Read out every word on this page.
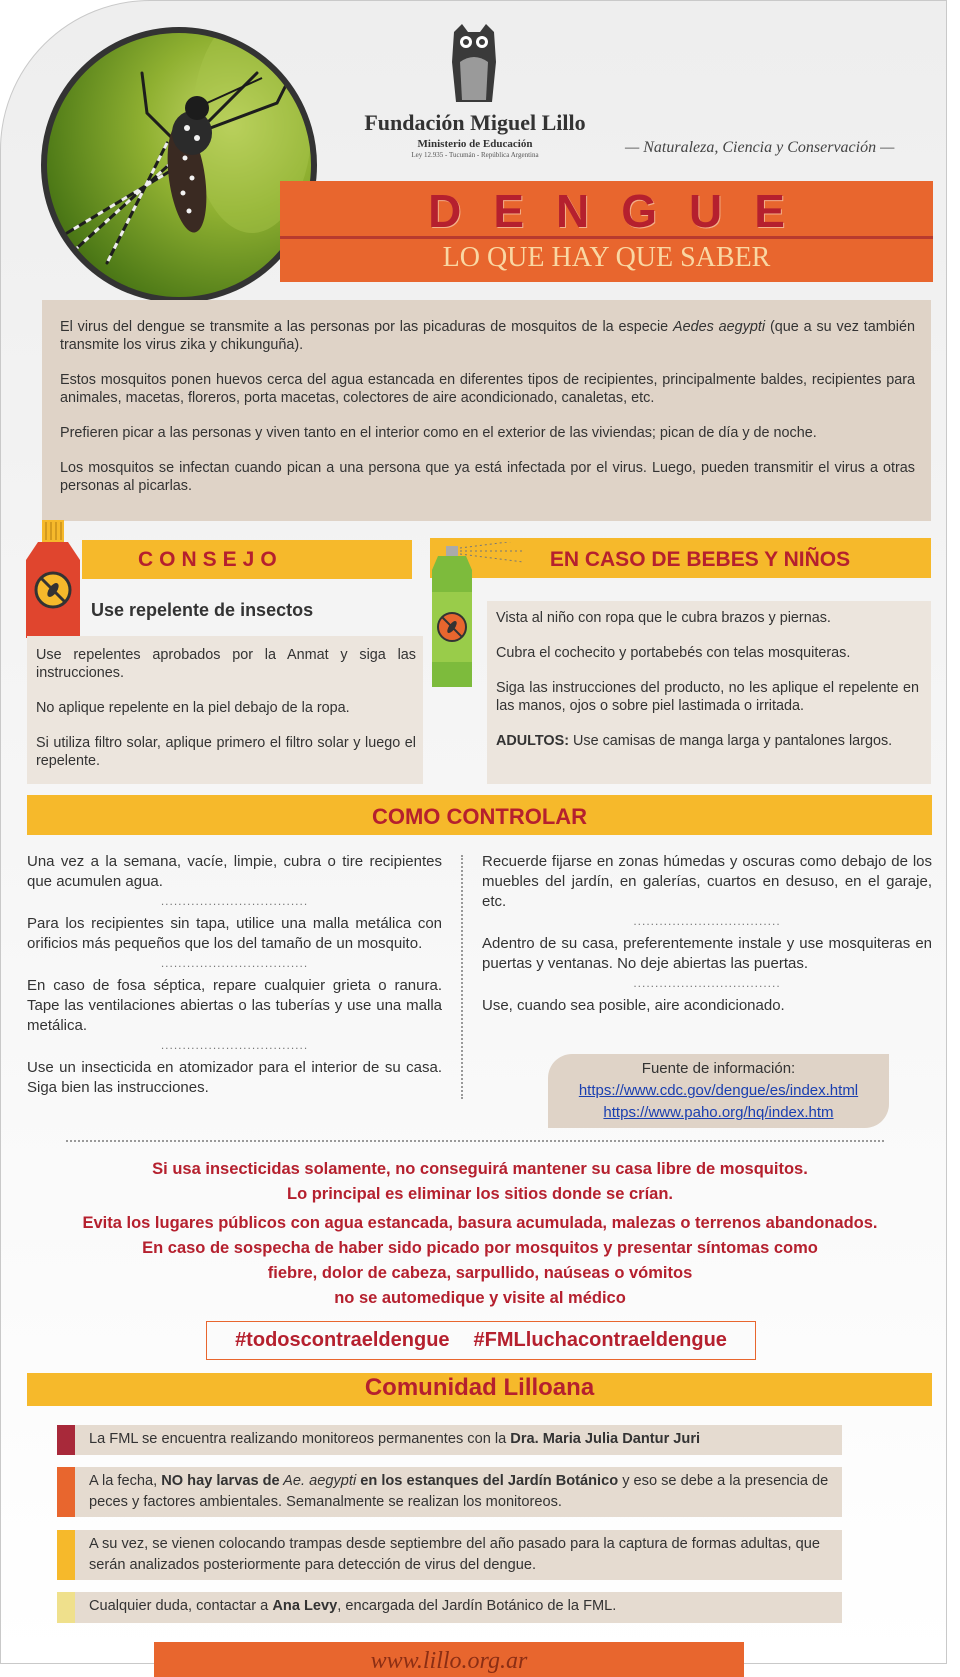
Fundación Miguel Lillo
Ministerio de Educación
Ley 12.935 - Tucumán - República Argentina	— Naturaleza, Ciencia y Conservación —
DENGUE
LO QUE HAY QUE SABER

El virus del dengue se transmite a las personas por las picaduras de mosquitos de la especie Aedes aegypti (que a su vez también transmite los virus zika y chikunguña).

Estos mosquitos ponen huevos cerca del agua estancada en diferentes tipos de recipientes, principalmente baldes, recipientes para animales, macetas, floreros, porta macetas, colectores de aire acondicionado, canaletas, etc.

Prefieren picar a las personas y viven tanto en el interior como en el exterior de las viviendas; pican de día y de noche.

Los mosquitos se infectan cuando pican a una persona que ya está infectada por el virus. Luego, pueden transmitir el virus a otras personas al picarlas.

CONSEJO
Use repelente de insectos

Use repelentes aprobados por la Anmat y siga las instrucciones.

No aplique repelente en la piel debajo de la ropa.

Si utiliza filtro solar, aplique primero el filtro solar y luego el repelente.

EN CASO DE BEBES Y NIÑOS

Vista al niño con ropa que le cubra brazos y piernas.

Cubra el cochecito y portabebés con telas mosquiteras.

Siga las instrucciones del producto, no les aplique el repelente en las manos, ojos o sobre piel lastimada o irritada.

ADULTOS: Use camisas de manga larga y pantalones largos.

COMO CONTROLAR

Una vez a la semana, vacíe, limpie, cubra o tire recipientes que acumulen agua.

..................................

Para los recipientes sin tapa, utilice una malla metálica con orificios más pequeños que los del tamaño de un mosquito.

..................................

En caso de fosa séptica, repare cualquier grieta o ranura. Tape las ventilaciones abiertas o las tuberías y use una malla metálica.

..................................

Use un insecticida en atomizador para el interior de su casa. Siga bien las instrucciones.

Recuerde fijarse en zonas húmedas y oscuras como debajo de los muebles del jardín, en galerías, cuartos en desuso, en el garaje, etc.

..................................

Adentro de su casa, preferentemente instale y use mosquiteras en puertas y ventanas. No deje abiertas las puertas.

..................................

Use, cuando sea posible, aire acondicionado.

Fuente de información:
https://www.cdc.gov/dengue/es/index.html
https://www.paho.org/hq/index.htm
Si usa insecticidas solamente, no conseguirá mantener su casa libre de mosquitos.
Lo principal es eliminar los sitios donde se crían.
Evita los lugares públicos con agua estancada, basura acumulada, malezas o terrenos abandonados.
En caso de sospecha de haber sido picado por mosquitos y presentar síntomas como
fiebre, dolor de cabeza, sarpullido, naúseas o vómitos
no se automedique y visite al médico
#todoscontraeldengue #FMLluchacontraeldengue
Comunidad Lilloana
La FML se encuentra realizando monitoreos permanentes con la Dra. Maria Julia Dantur Juri
A la fecha, NO hay larvas de Ae. aegypti en los estanques del Jardín Botánico y eso se debe a la presencia de peces y factores ambientales. Semanalmente se realizan los monitoreos.
A su vez, se vienen colocando trampas desde septiembre del año pasado para la captura de formas adultas, que serán analizados posteriormente para detección de virus del dengue.
Cualquier duda, contactar a Ana Levy, encargada del Jardín Botánico de la FML.
www.lillo.org.ar
